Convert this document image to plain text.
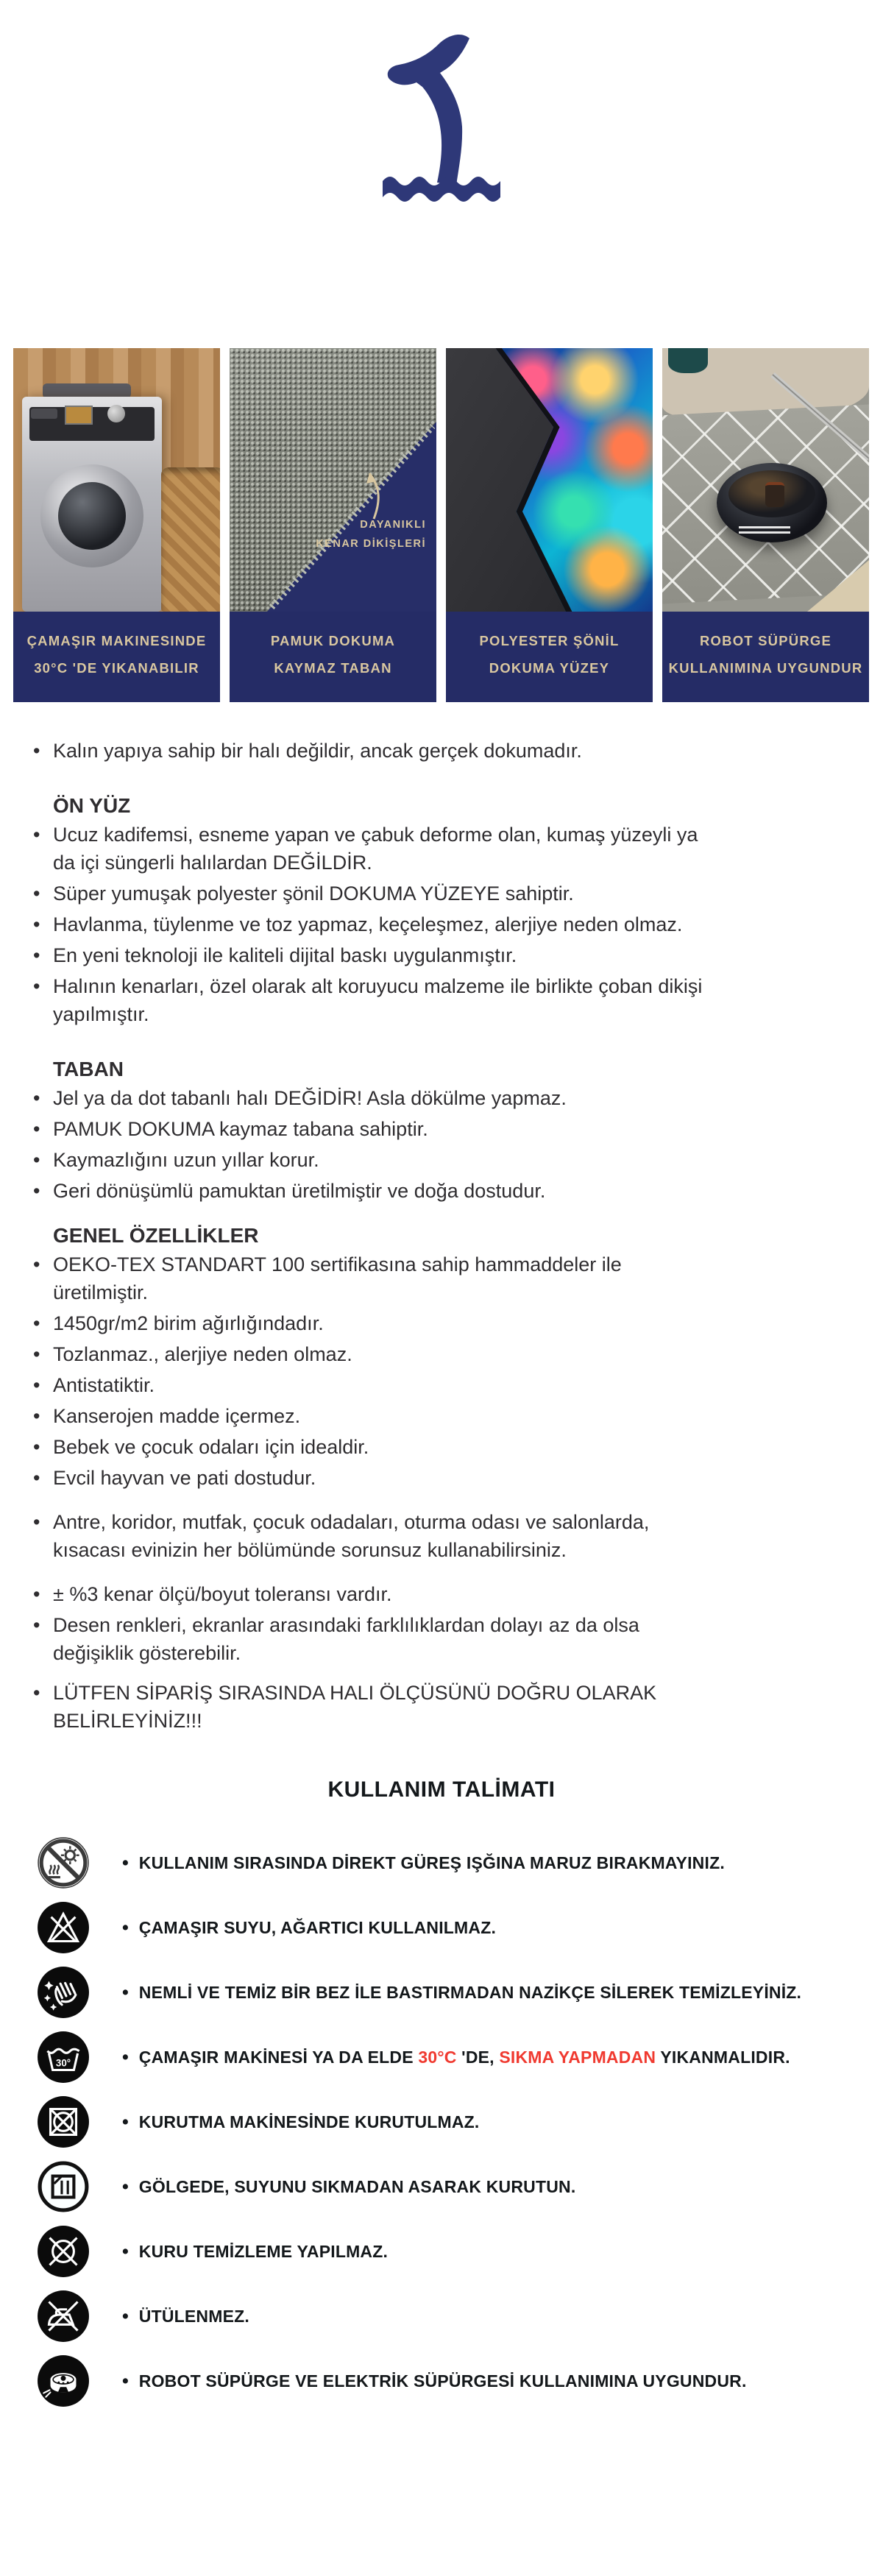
THE REEF
D E S I G N
ÇAMAŞIR MAKINESINDE
30°C 'DE YIKANABILIR
DAYANIKLI
KENAR DİKİŞLERİ
PAMUK DOKUMA
KAYMAZ TABAN
POLYESTER ŞÖNİL
DOKUMA YÜZEY
ROBOT SÜPÜRGE
KULLANIMINA UYGUNDUR
• Kalın yapıya sahip bir halı değildir, ancak gerçek dokumadır.
ÖN YÜZ
• Ucuz kadifemsi, esneme yapan ve çabuk deforme olan, kumaş yüzeyli ya da içi süngerli halılardan DEĞİLDİR.
• Süper yumuşak polyester şönil DOKUMA YÜZEYE sahiptir.
• Havlanma, tüylenme ve toz yapmaz, keçeleşmez, alerjiye neden olmaz.
• En yeni teknoloji ile kaliteli dijital baskı uygulanmıştır.
• Halının kenarları, özel olarak alt koruyucu malzeme ile birlikte çoban dikişi yapılmıştır.
TABAN
• Jel ya da dot tabanlı halı DEĞİDİR! Asla dökülme yapmaz.
• PAMUK DOKUMA kaymaz tabana sahiptir.
• Kaymazlığını uzun yıllar korur.
• Geri dönüşümlü pamuktan üretilmiştir ve doğa dostudur.
GENEL ÖZELLİKLER
• OEKO-TEX STANDART 100 sertifikasına sahip hammaddeler ile üretilmiştir.
• 1450gr/m2 birim ağırlığındadır.
• Tozlanmaz., alerjiye neden olmaz.
• Antistatiktir.
• Kanserojen madde içermez.
• Bebek ve çocuk odaları için idealdir.
• Evcil hayvan ve pati dostudur.
• Antre, koridor, mutfak, çocuk odadaları, oturma odası ve salonlarda, kısacası evinizin her bölümünde sorunsuz kullanabilirsiniz.
• ± %3 kenar ölçü/boyut toleransı vardır.
• Desen renkleri, ekranlar arasındaki farklılıklardan dolayı az da olsa değişiklik gösterebilir.
• LÜTFEN SİPARİŞ SIRASINDA HALI ÖLÇÜSÜNÜ DOĞRU OLARAK BELİRLEYİNİZ!!!
KULLANIM TALİMATI
• KULLANIM SIRASINDA DİREKT GÜREŞ IŞĞINA MARUZ BIRAKMAYINIZ.
• ÇAMAŞIR SUYU, AĞARTICI KULLANILMAZ.
• NEMLİ VE TEMİZ BİR BEZ İLE BASTIRMADAN NAZİKÇE SİLEREK TEMİZLEYİNİZ.
30°	• ÇAMAŞIR MAKİNESİ YA DA ELDE 30°C 'DE, SIKMA YAPMADAN YIKANMALIDIR.
• KURUTMA MAKİNESİNDE KURUTULMAZ.
• GÖLGEDE, SUYUNU SIKMADAN ASARAK KURUTUN.
• KURU TEMİZLEME YAPILMAZ.
• ÜTÜLENMEZ.
• ROBOT SÜPÜRGE VE ELEKTRİK SÜPÜRGESİ KULLANIMINA UYGUNDUR.
